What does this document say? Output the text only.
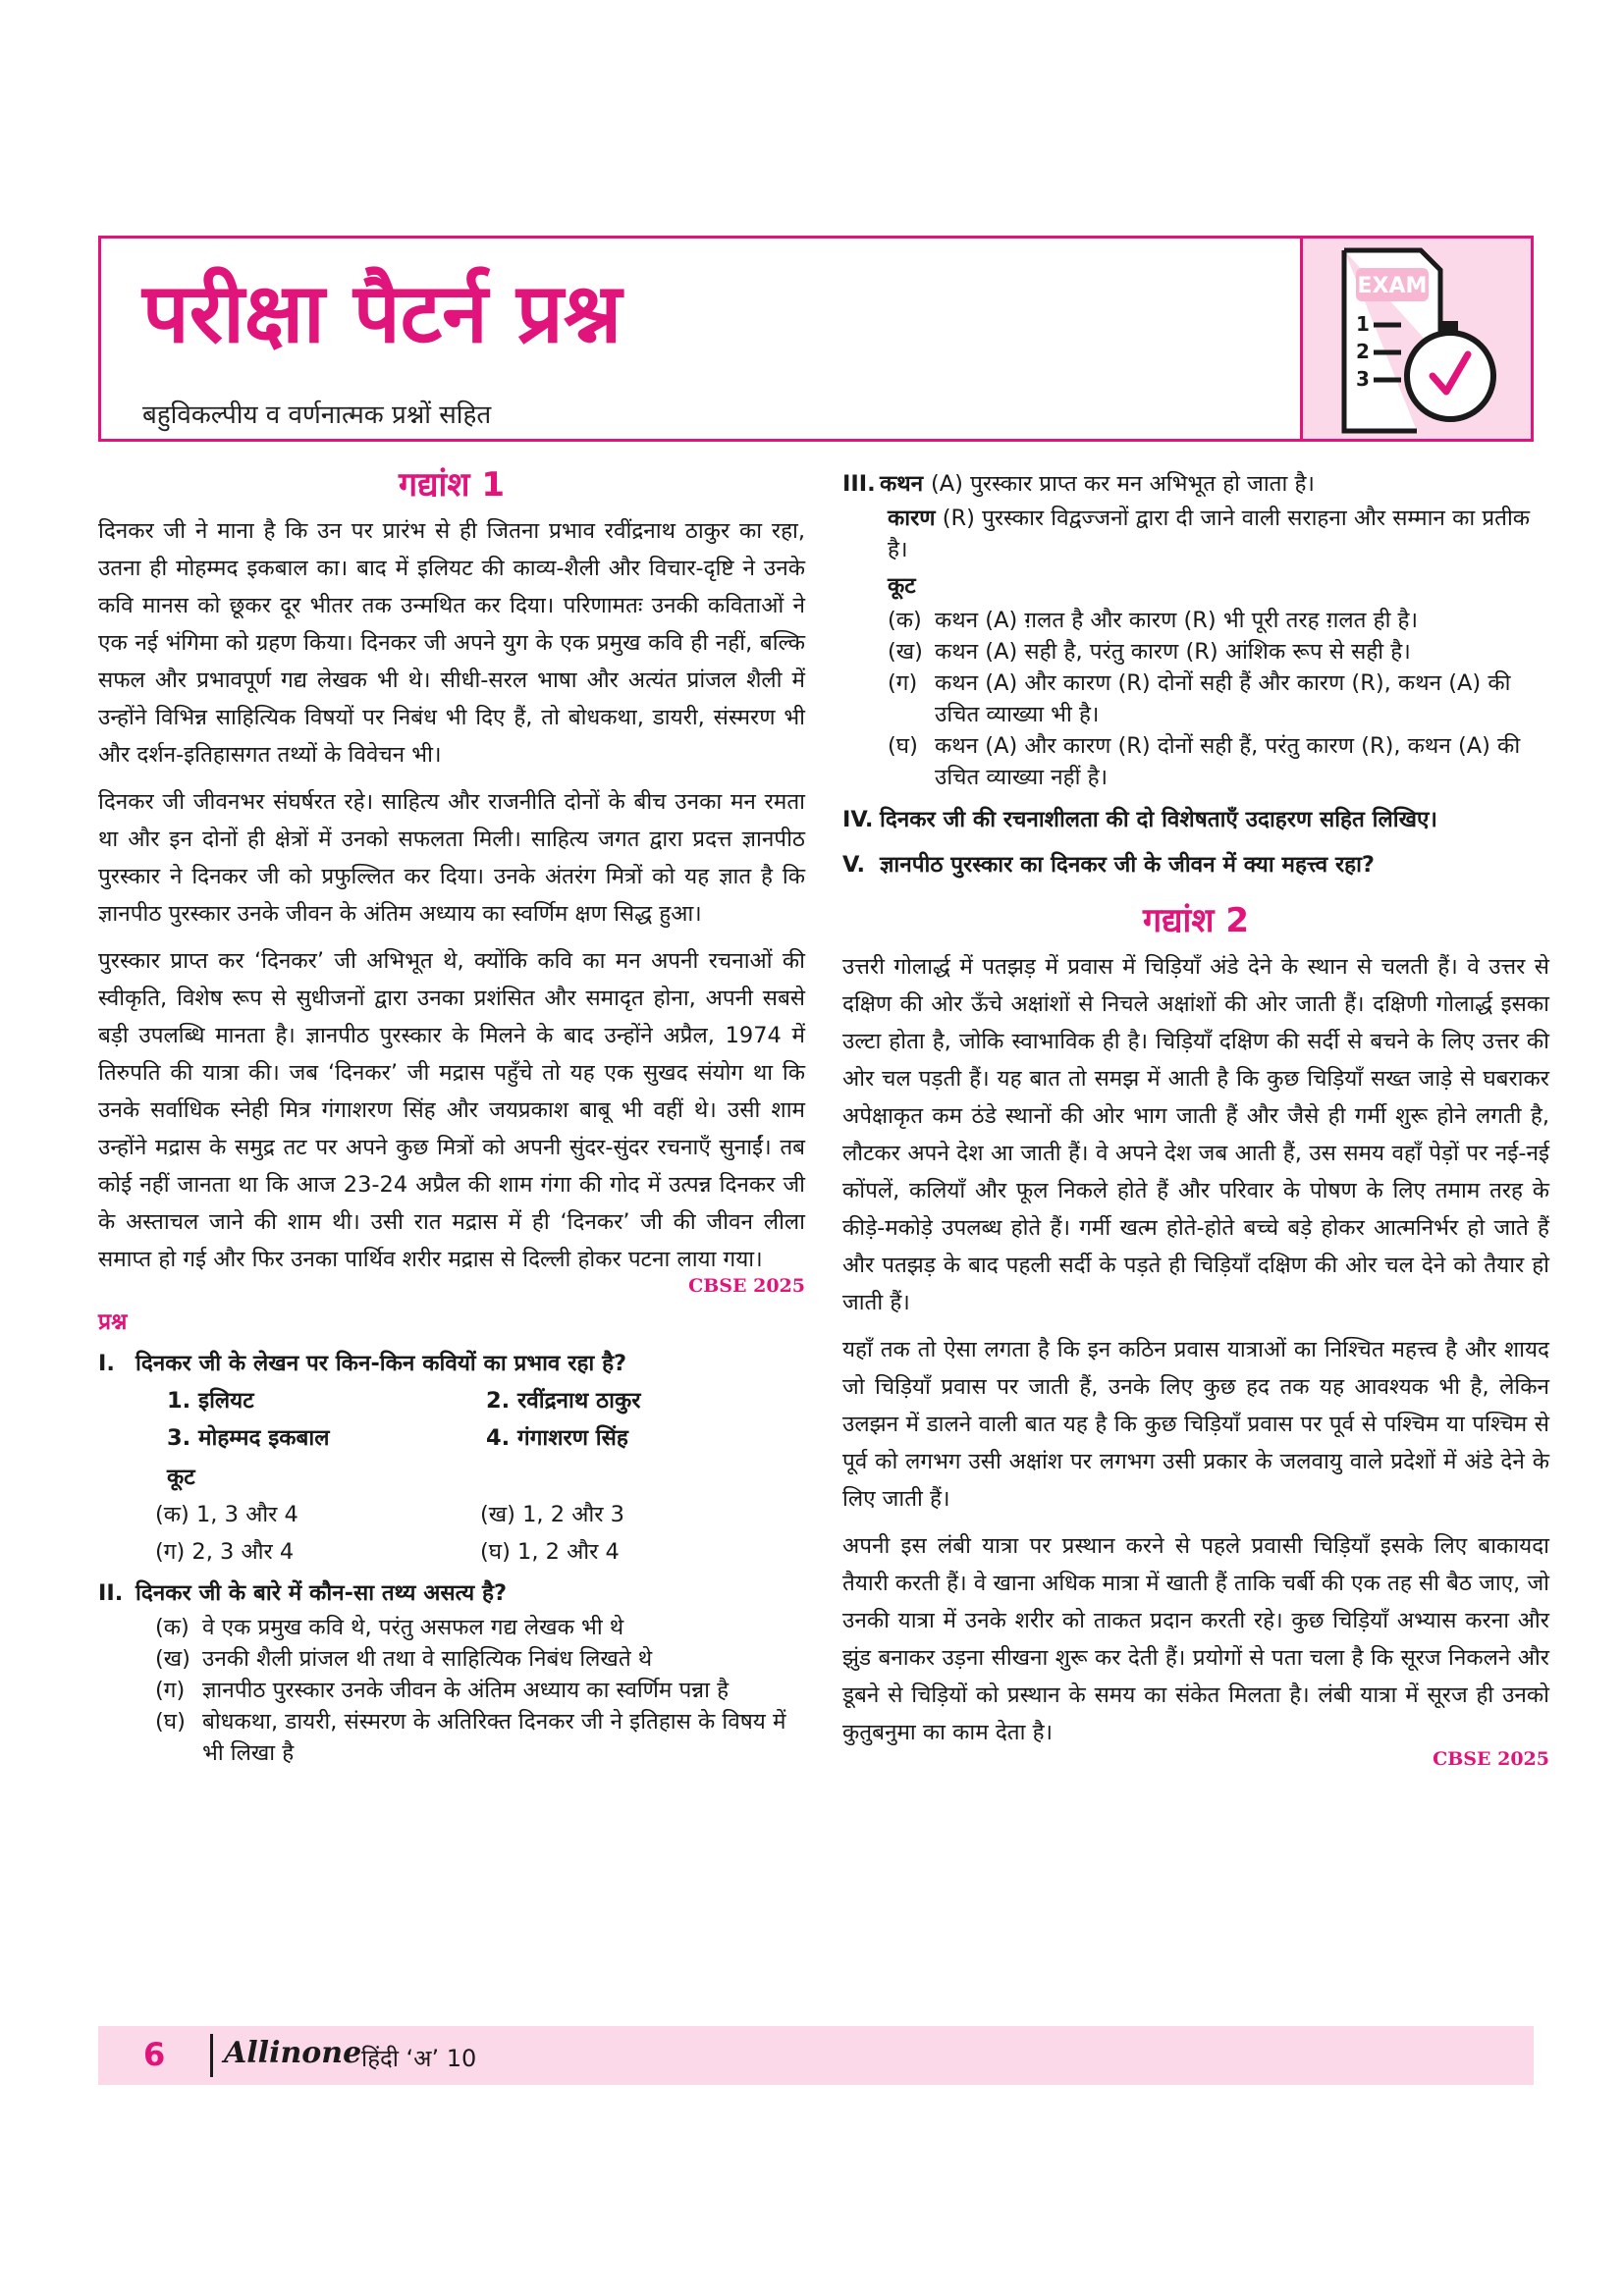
परीक्षा पैटर्न प्रश्न
बहुविकल्पीय व वर्णनात्मक प्रश्नों सहित
EXAM
1
2
3
गद्यांश 1

दिनकर जी ने माना है कि उन पर प्रारंभ से ही जितना प्रभाव रवींद्रनाथ ठाकुर का रहा, उतना ही मोहम्मद इकबाल का। बाद में इलियट की काव्य-शैली और विचार-दृष्टि ने उनके कवि मानस को छूकर दूर भीतर तक उन्मथित कर दिया। परिणामतः उनकी कविताओं ने एक नई भंगिमा को ग्रहण किया। दिनकर जी अपने युग के एक प्रमुख कवि ही नहीं, बल्कि सफल और प्रभावपूर्ण गद्य लेखक भी थे। सीधी-सरल भाषा और अत्यंत प्रांजल शैली में उन्होंने विभिन्न साहित्यिक विषयों पर निबंध भी दिए हैं, तो बोधकथा, डायरी, संस्मरण भी और दर्शन-इतिहासगत तथ्यों के विवेचन भी।

दिनकर जी जीवनभर संघर्षरत रहे। साहित्य और राजनीति दोनों के बीच उनका मन रमता था और इन दोनों ही क्षेत्रों में उनको सफलता मिली। साहित्य जगत द्वारा प्रदत्त ज्ञानपीठ पुरस्कार ने दिनकर जी को प्रफुल्लित कर दिया। उनके अंतरंग मित्रों को यह ज्ञात है कि ज्ञानपीठ पुरस्कार उनके जीवन के अंतिम अध्याय का स्वर्णिम क्षण सिद्ध हुआ।

पुरस्कार प्राप्त कर ‘दिनकर’ जी अभिभूत थे, क्योंकि कवि का मन अपनी रचनाओं की स्वीकृति, विशेष रूप से सुधीजनों द्वारा उनका प्रशंसित और समादृत होना, अपनी सबसे बड़ी उपलब्धि मानता है। ज्ञानपीठ पुरस्कार के मिलने के बाद उन्होंने अप्रैल, 1974 में तिरुपति की यात्रा की। जब ‘दिनकर’ जी मद्रास पहुँचे तो यह एक सुखद संयोग था कि उनके सर्वाधिक स्नेही मित्र गंगाशरण सिंह और जयप्रकाश बाबू भी वहीं थे। उसी शाम उन्होंने मद्रास के समुद्र तट पर अपने कुछ मित्रों को अपनी सुंदर-सुंदर रचनाएँ सुनाईं। तब कोई नहीं जानता था कि आज 23-24 अप्रैल की शाम गंगा की गोद में उत्पन्न दिनकर जी के अस्ताचल जाने की शाम थी। उसी रात मद्रास में ही ‘दिनकर’ जी की जीवन लीला समाप्त हो गई और फिर उनका पार्थिव शरीर मद्रास से दिल्ली होकर पटना लाया गया।

CBSE 2025
प्रश्न
I. दिनकर जी के लेखन पर किन-किन कवियों का प्रभाव रहा है?
1. इलियट	2. रवींद्रनाथ ठाकुर
3. मोहम्मद इकबाल	4. गंगाशरण सिंह
कूट
(क) 1, 3 और 4	(ख) 1, 2 और 3
(ग) 2, 3 और 4	(घ) 1, 2 और 4
II. दिनकर जी के बारे में कौन-सा तथ्य असत्य है?
(क) वे एक प्रमुख कवि थे, परंतु असफल गद्य लेखक भी थे
(ख) उनकी शैली प्रांजल थी तथा वे साहित्यिक निबंध लिखते थे
(ग) ज्ञानपीठ पुरस्कार उनके जीवन के अंतिम अध्याय का स्वर्णिम पन्ना है
(घ) बोधकथा, डायरी, संस्मरण के अतिरिक्त दिनकर जी ने इतिहास के विषय में भी लिखा है
III. कथन (A) पुरस्कार प्राप्त कर मन अभिभूत हो जाता है।
कारण (R) पुरस्कार विद्वज्जनों द्वारा दी जाने वाली सराहना और सम्मान का प्रतीक है।
कूट
(क) कथन (A) ग़लत है और कारण (R) भी पूरी तरह ग़लत ही है।
(ख) कथन (A) सही है, परंतु कारण (R) आंशिक रूप से सही है।
(ग) कथन (A) और कारण (R) दोनों सही हैं और कारण (R), कथन (A) की उचित व्याख्या भी है।
(घ) कथन (A) और कारण (R) दोनों सही हैं, परंतु कारण (R), कथन (A) की उचित व्याख्या नहीं है।
IV. दिनकर जी की रचनाशीलता की दो विशेषताएँ उदाहरण सहित लिखिए।
V. ज्ञानपीठ पुरस्कार का दिनकर जी के जीवन में क्या महत्त्व रहा?
गद्यांश 2

उत्तरी गोलार्द्ध में पतझड़ में प्रवास में चिड़ियाँ अंडे देने के स्थान से चलती हैं। वे उत्तर से दक्षिण की ओर ऊँचे अक्षांशों से निचले अक्षांशों की ओर जाती हैं। दक्षिणी गोलार्द्ध इसका उल्टा होता है, जोकि स्वाभाविक ही है। चिड़ियाँ दक्षिण की सर्दी से बचने के लिए उत्तर की ओर चल पड़ती हैं। यह बात तो समझ में आती है कि कुछ चिड़ियाँ सख्त जाड़े से घबराकर अपेक्षाकृत कम ठंडे स्थानों की ओर भाग जाती हैं और जैसे ही गर्मी शुरू होने लगती है, लौटकर अपने देश आ जाती हैं। वे अपने देश जब आती हैं, उस समय वहाँ पेड़ों पर नई-नई कोंपलें, कलियाँ और फूल निकले होते हैं और परिवार के पोषण के लिए तमाम तरह के कीड़े-मकोड़े उपलब्ध होते हैं। गर्मी खत्म होते-होते बच्चे बड़े होकर आत्मनिर्भर हो जाते हैं और पतझड़ के बाद पहली सर्दी के पड़ते ही चिड़ियाँ दक्षिण की ओर चल देने को तैयार हो जाती हैं।

यहाँ तक तो ऐसा लगता है कि इन कठिन प्रवास यात्राओं का निश्चित महत्त्व है और शायद जो चिड़ियाँ प्रवास पर जाती हैं, उनके लिए कुछ हद तक यह आवश्यक भी है, लेकिन उलझन में डालने वाली बात यह है कि कुछ चिड़ियाँ प्रवास पर पूर्व से पश्चिम या पश्चिम से पूर्व को लगभग उसी अक्षांश पर लगभग उसी प्रकार के जलवायु वाले प्रदेशों में अंडे देने के लिए जाती हैं।

अपनी इस लंबी यात्रा पर प्रस्थान करने से पहले प्रवासी चिड़ियाँ इसके लिए बाकायदा तैयारी करती हैं। वे खाना अधिक मात्रा में खाती हैं ताकि चर्बी की एक तह सी बैठ जाए, जो उनकी यात्रा में उनके शरीर को ताकत प्रदान करती रहे। कुछ चिड़ियाँ अभ्यास करना और झुंड बनाकर उड़ना सीखना शुरू कर देती हैं। प्रयोगों से पता चला है कि सूरज निकलने और डूबने से चिड़ियों को प्रस्थान के समय का संकेत मिलता है। लंबी यात्रा में सूरज ही उनको कुतुबनुमा का काम देता है।

CBSE 2025
6 Allinone हिंदी ‘अ’ 10
